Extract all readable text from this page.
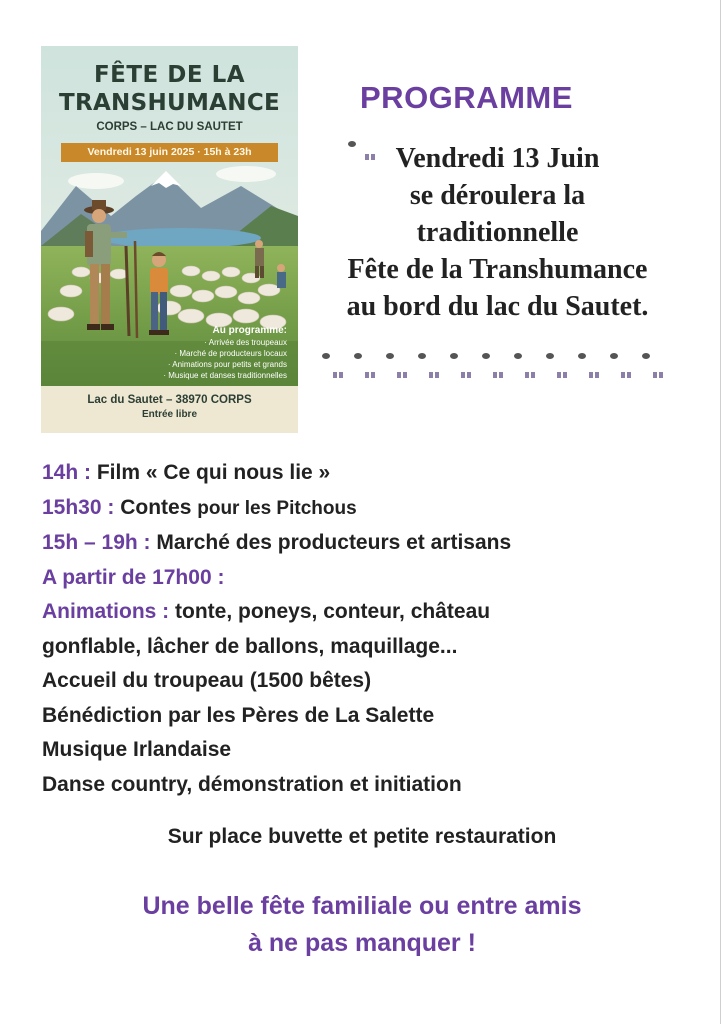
FÊTE DE LA
TRANSHUMANCE
CORPS – LAC DU SAUTET
Vendredi 13 juin 2025 · 15h à 23h
Au programme:
· Arrivée des troupeaux
· Marché de producteurs locaux
· Animations pour petits et grands
· Musique et danses traditionnelles
Lac du Sautet – 38970 CORPS
Entrée libre
PROGRAMME
Vendredi 13 Juin
se déroulera la
traditionnelle
Fête de la Transhumance
au bord du lac du Sautet.
14h : Film « Ce qui nous lie »
15h30 : Contes pour les Pitchous
15h – 19h : Marché des producteurs et artisans
A partir de 17h00 :
Animations : tonte, poneys, conteur, château
gonflable, lâcher de ballons, maquillage...
Accueil du troupeau (1500 bêtes)
Bénédiction par les Pères de La Salette
Musique Irlandaise
Danse country, démonstration et initiation
Sur place buvette et petite restauration
Une belle fête familiale ou entre amis
à ne pas manquer !
